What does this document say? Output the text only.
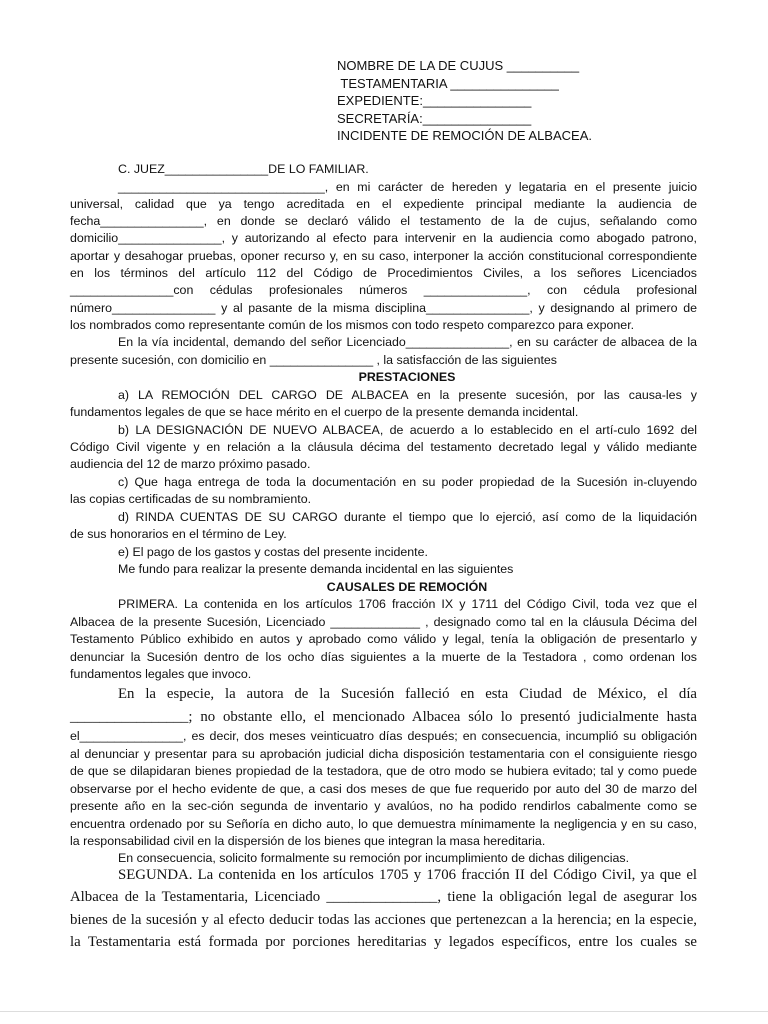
NOMBRE DE LA DE CUJUS __________
TESTAMENTARIA _______________
EXPEDIENTE:_______________
SECRETARÍA:_______________
INCIDENTE DE REMOCIÓN DE ALBACEA.
C. JUEZ_______________DE LO FAMILIAR.
______________________________, en mi carácter de hereden y legataria en el presente juicio
universal, calidad que ya tengo acreditada en el expediente principal mediante la audiencia de
fecha_______________, en donde se declaró válido el testamento de la de cujus, señalando como
domicilio_______________, y autorizando al efecto para intervenir en la audiencia como abogado patrono,
aportar y desahogar pruebas, oponer recurso y, en su caso, interponer la acción constitucional correspondiente
en los términos del artículo 112 del Código de Procedimientos Civiles, a los señores Licenciados
_______________con cédulas profesionales números _______________, con cédula profesional
número_______________ y al pasante de la misma disciplina_______________, y designando al primero de
los nombrados como representante común de los mismos con todo respeto comparezco para exponer.
En la vía incidental, demando del señor Licenciado_______________, en su carácter de albacea de la
presente sucesión, con domicilio en _______________ , la satisfacción de las siguientes
PRESTACIONES
a) LA REMOCIÓN DEL CARGO DE ALBACEA en la presente sucesión, por las causa-les y
fundamentos legales de que se hace mérito en el cuerpo de la presente demanda incidental.
b) LA DESIGNACIÓN DE NUEVO ALBACEA, de acuerdo a lo establecido en el artí-culo 1692 del
Código Civil vigente y en relación a la cláusula décima del testamento decretado legal y válido mediante
audiencia del 12 de marzo próximo pasado.
c) Que haga entrega de toda la documentación en su poder propiedad de la Sucesión in-cluyendo
las copias certificadas de su nombramiento.
d) RINDA CUENTAS DE SU CARGO durante el tiempo que lo ejerció, así como de la liquidación
de sus honorarios en el término de Ley.
e) El pago de los gastos y costas del presente incidente.
Me fundo para realizar la presente demanda incidental en las siguientes
CAUSALES DE REMOCIÓN
PRIMERA. La contenida en los artículos 1706 fracción IX y 1711 del Código Civil, toda vez que el
Albacea de la presente Sucesión, Licenciado _____________ , designado como tal en la cláusula Décima del
Testamento Público exhibido en autos y aprobado como válido y legal, tenía la obligación de presentarlo y
denunciar la Sucesión dentro de los ocho días siguientes a la muerte de la Testadora , como ordenan los
fundamentos legales que invoco.
En la especie, la autora de la Sucesión falleció en esta Ciudad de México, el día
________________; no obstante ello, el mencionado Albacea sólo lo presentó judicialmente hasta
el_______________, es decir, dos meses veinticuatro días después; en consecuencia, incumplió su obligación
al denunciar y presentar para su aprobación judicial dicha disposición testamentaria con el consiguiente riesgo
de que se dilapidaran bienes propiedad de la testadora, que de otro modo se hubiera evitado; tal y como puede
observarse por el hecho evidente de que, a casi dos meses de que fue requerido por auto del 30 de marzo del
presente año en la sec-ción segunda de inventario y avalúos, no ha podido rendirlos cabalmente como se
encuentra ordenado por su Señoría en dicho auto, lo que demuestra mínimamente la negligencia y en su caso,
la responsabilidad civil en la dispersión de los bienes que integran la masa hereditaria.
En consecuencia, solicito formalmente su remoción por incumplimiento de dichas diligencias.
SEGUNDA. La contenida en los artículos 1705 y 1706 fracción II del Código Civil, ya que el
Albacea de la Testamentaria, Licenciado _______________, tiene la obligación legal de asegurar los
bienes de la sucesión y al efecto deducir todas las acciones que pertenezcan a la herencia; en la especie,
la Testamentaria está formada por porciones hereditarias y legados específicos, entre los cuales se
